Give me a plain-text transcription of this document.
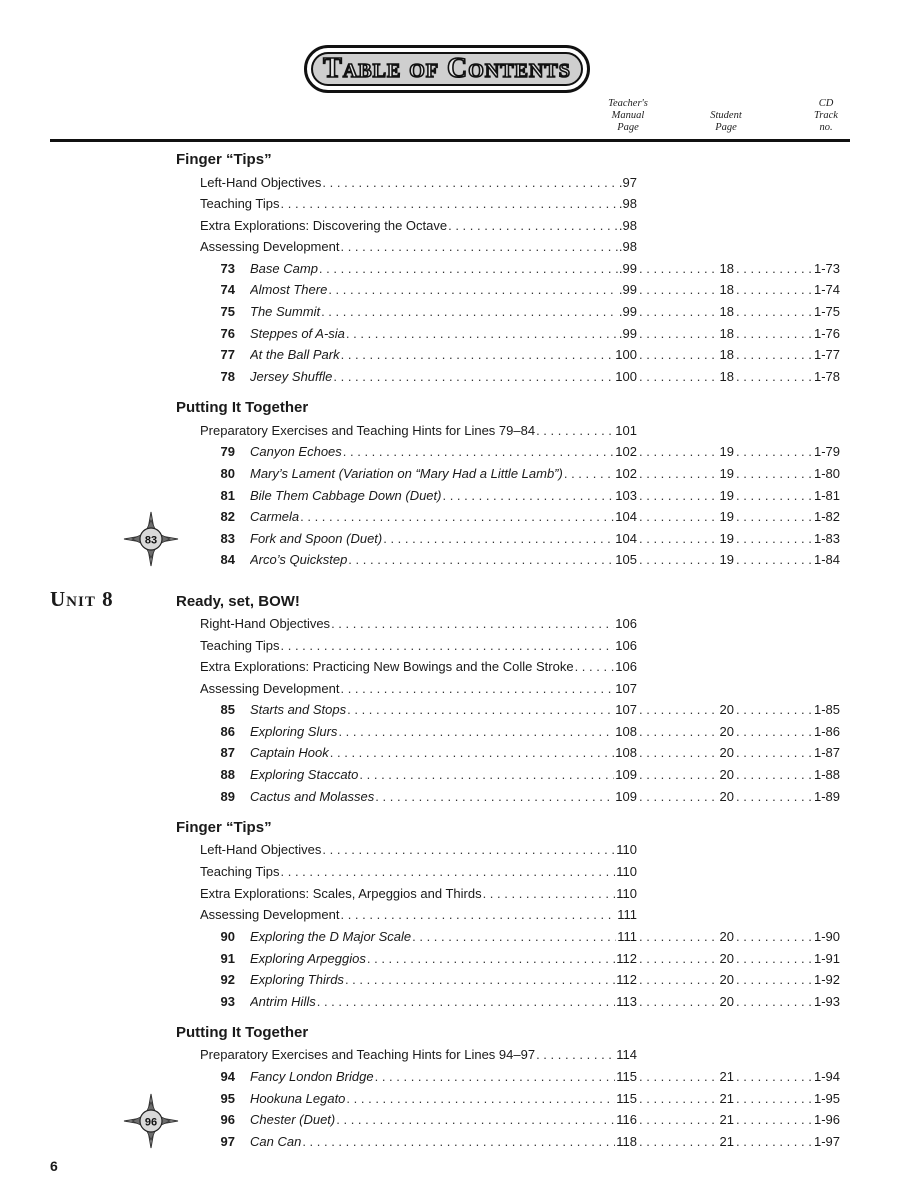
Table of Contents
Teacher's
Manual
Page
Student
Page
CD
Track
no.
Unit 8
Finger “Tips”
Left-Hand Objectives . . .	.97
Teaching Tips . . .	.98
Extra Explorations: Discovering the Octave . . .	.98
Assessing Development . . .	.98
73 Base Camp . . .	.99 . . .	18 . . .	1-73
74 Almost There . . .	.99 . . .	18 . . .	1-74
75 The Summit . . .	.99 . . .	18 . . .	1-75
76 Steppes of A-sia . . .	.99 . . .	18 . . .	1-76
77 At the Ball Park . . .	100 . . .	18 . . .	1-77
78 Jersey Shuffle . . .	100 . . .	18 . . .	1-78
Putting It Together
Preparatory Exercises and Teaching Hints for Lines 79–84 . . .	101
79 Canyon Echoes . . .	102 . . .	19 . . .	1-79
80 Mary’s Lament (Variation on “Mary Had a Little Lamb”) . . .	102 . . .	19 . . .	1-80
81 Bile Them Cabbage Down (Duet) . . .	103 . . .	19 . . .	1-81
82 Carmela . . .	104 . . .	19 . . .	1-82
83 Fork and Spoon (Duet) . . .	104 . . .	19 . . .	1-83
84 Arco’s Quickstep . . .	105 . . .	19 . . .	1-84
Ready, set, BOW!
Right-Hand Objectives . . .	106
Teaching Tips . . .	106
Extra Explorations: Practicing New Bowings and the Colle Stroke . . .	106
Assessing Development . . .	107
85 Starts and Stops . . .	107 . . .	20 . . .	1-85
86 Exploring Slurs . . .	108 . . .	20 . . .	1-86
87 Captain Hook . . .	108 . . .	20 . . .	1-87
88 Exploring Staccato . . .	109 . . .	20 . . .	1-88
89 Cactus and Molasses . . .	109 . . .	20 . . .	1-89
Finger “Tips”
Left-Hand Objectives . . .	110
Teaching Tips . . .	110
Extra Explorations: Scales, Arpeggios and Thirds . . .	110
Assessing Development . . .	111
90 Exploring the D Major Scale . . .	111 . . .	20 . . .	1-90
91 Exploring Arpeggios . . .	112 . . .	20 . . .	1-91
92 Exploring Thirds . . .	112 . . .	20 . . .	1-92
93 Antrim Hills . . .	113 . . .	20 . . .	1-93
Putting It Together
Preparatory Exercises and Teaching Hints for Lines 94–97 . . .	114
94 Fancy London Bridge . . .	115 . . .	21 . . .	1-94
95 Hookuna Legato . . .	115 . . .	21 . . .	1-95
96 Chester (Duet) . . .	116 . . .	21 . . .	1-96
97 Can Can . . .	118 . . .	21 . . .	1-97
83
96
6
